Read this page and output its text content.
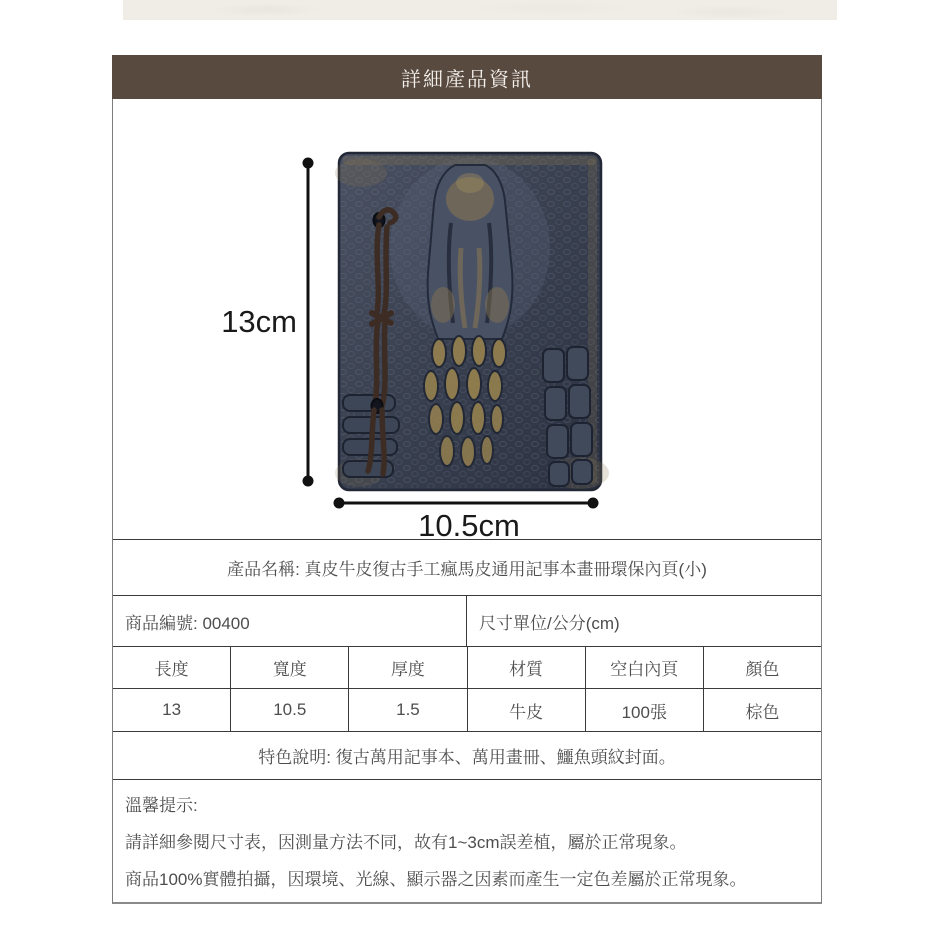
詳細產品資訊
13cm
10.5cm
產品名稱: 真皮牛皮復古手工瘋馬皮通用記事本畫冊環保內頁(小)
商品編號: 00400	尺寸單位/公分(cm)
長度	寬度	厚度	材質	空白內頁	顏色
13	10.5	1.5	牛皮	100張	棕色
特色說明: 復古萬用記事本、萬用畫冊、鱷魚頭紋封面。
溫馨提示:
請詳細參閱尺寸表，因測量方法不同，故有1~3cm誤差植，屬於正常現象。
商品100%實體拍攝，因環境、光線、顯示器之因素而產生一定色差屬於正常現象。
